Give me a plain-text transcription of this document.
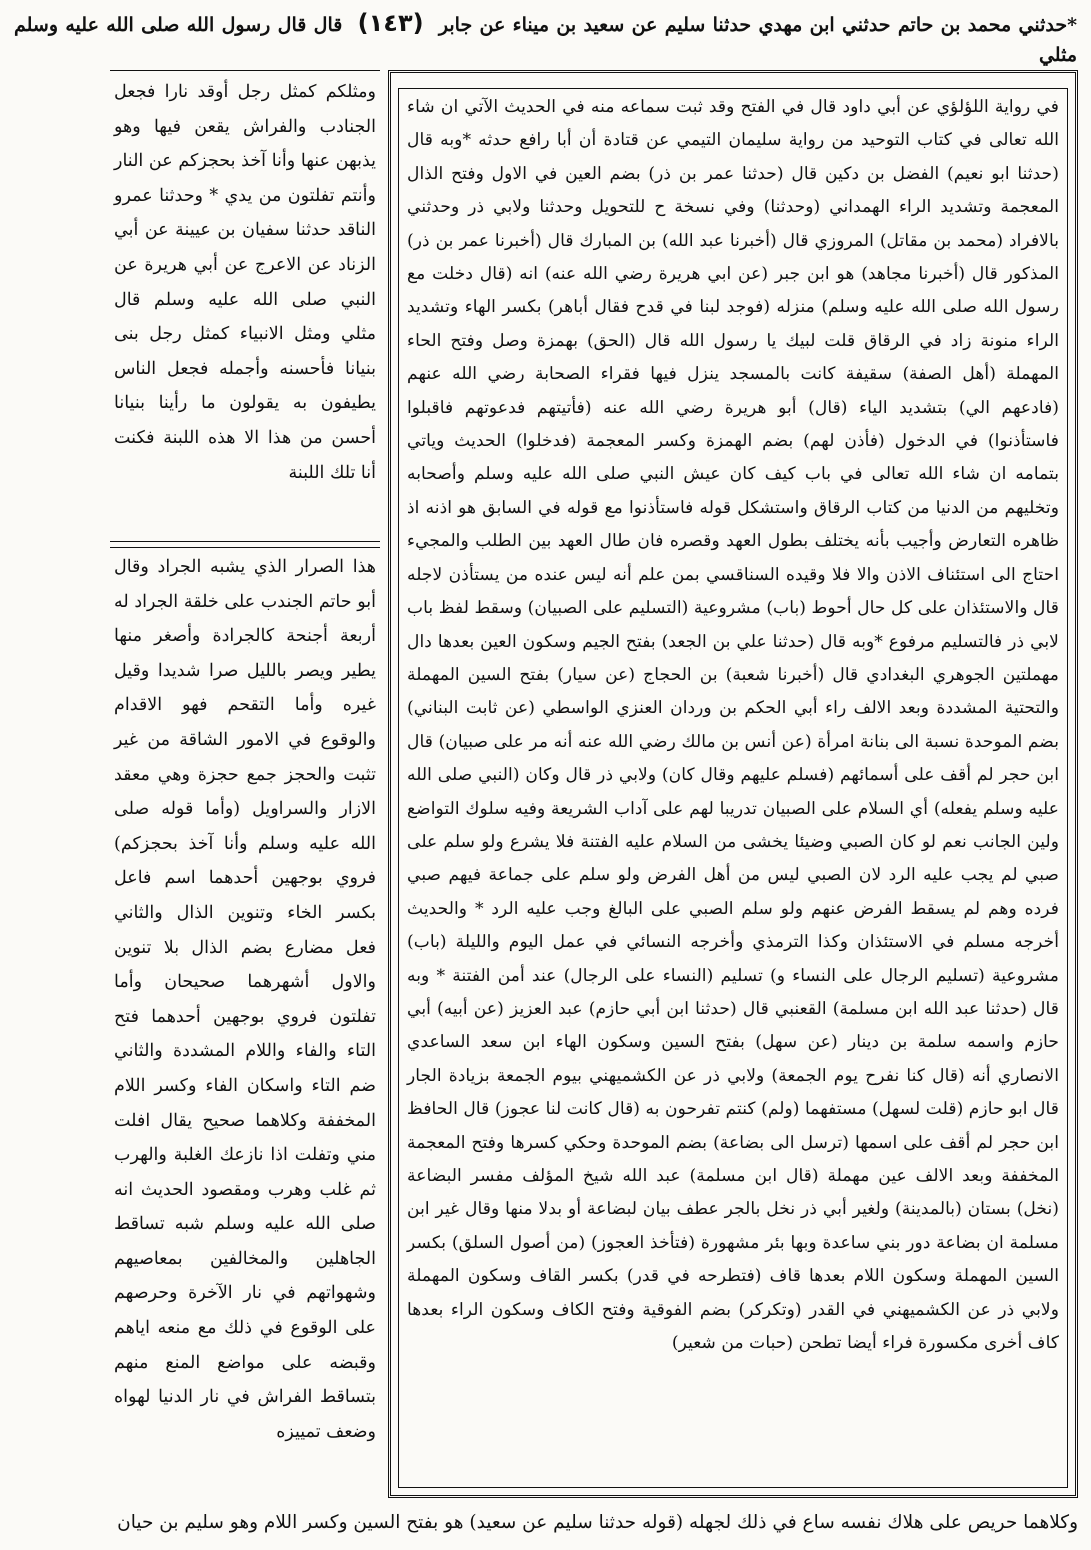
*حدثني محمد بن حاتم حدثني ابن مهدي حدثنا سليم عن سعيد بن ميناء عن جابر (١٤٣) قال قال رسول الله صلى الله عليه وسلم مثلي
ومثلكم كمثل رجل أوقد نارا فجعل الجنادب والفراش يقعن فيها وهو يذبهن عنها وأنا آخذ بحجزكم عن النار وأنتم تفلتون من يدي * وحدثنا عمرو الناقد حدثنا سفيان بن عيينة عن أبي الزناد عن الاعرج عن أبي هريرة عن النبي صلى الله عليه وسلم قال مثلي ومثل الانبياء كمثل رجل بنى بنيانا فأحسنه وأجمله فجعل الناس يطيفون به يقولون ما رأينا بنيانا أحسن من هذا الا هذه اللبنة فكنت أنا تلك اللبنة
هذا الصرار الذي يشبه الجراد وقال أبو حاتم الجندب على خلقة الجراد له أربعة أجنحة كالجرادة وأصغر منها يطير ويصر بالليل صرا شديدا وقيل غيره وأما التقحم فهو الاقدام والوقوع في الامور الشاقة من غير تثبت والحجز جمع حجزة وهي معقد الازار والسراويل (وأما قوله صلى الله عليه وسلم وأنا آخذ بحجزكم) فروي بوجهين أحدهما اسم فاعل بكسر الخاء وتنوين الذال والثاني فعل مضارع بضم الذال بلا تنوين والاول أشهرهما صحيحان وأما تفلتون فروي بوجهين أحدهما فتح التاء والفاء واللام المشددة والثاني ضم التاء واسكان الفاء وكسر اللام المخففة وكلاهما صحيح يقال افلت مني وتفلت اذا نازعك الغلبة والهرب ثم غلب وهرب ومقصود الحديث انه صلى الله عليه وسلم شبه تساقط الجاهلين والمخالفين بمعاصيهم وشهواتهم في نار الآخرة وحرصهم على الوقوع في ذلك مع منعه اياهم وقبضه على مواضع المنع منهم بتساقط الفراش في نار الدنيا لهواه وضعف تمييزه
في رواية اللؤلؤي عن أبي داود قال في الفتح وقد ثبت سماعه منه في الحديث الآتي ان شاء الله تعالى في كتاب التوحيد من رواية سليمان التيمي عن قتادة أن أبا رافع حدثه *وبه قال (حدثنا ابو نعيم) الفضل بن دكين قال (حدثنا عمر بن ذر) بضم العين في الاول وفتح الذال المعجمة وتشديد الراء الهمداني (وحدثنا) وفي نسخة ح للتحويل وحدثنا ولابي ذر وحدثني بالافراد (محمد بن مقاتل) المروزي قال (أخبرنا عبد الله) بن المبارك قال (أخبرنا عمر بن ذر) المذكور قال (أخبرنا مجاهد) هو ابن جبر (عن ابي هريرة رضي الله عنه) انه (قال دخلت مع رسول الله صلى الله عليه وسلم) منزله (فوجد لبنا في قدح فقال أباهر) بكسر الهاء وتشديد الراء منونة زاد في الرقاق قلت لبيك يا رسول الله قال (الحق) بهمزة وصل وفتح الحاء المهملة (أهل الصفة) سقيفة كانت بالمسجد ينزل فيها فقراء الصحابة رضي الله عنهم (فادعهم الي) بتشديد الياء (قال) أبو هريرة رضي الله عنه (فأتيتهم فدعوتهم فاقبلوا فاستأذنوا) في الدخول (فأذن لهم) بضم الهمزة وكسر المعجمة (فدخلوا) الحديث وياتي بتمامه ان شاء الله تعالى في باب كيف كان عيش النبي صلى الله عليه وسلم وأصحابه وتخليهم من الدنيا من كتاب الرقاق واستشكل قوله فاستأذنوا مع قوله في السابق هو اذنه اذ ظاهره التعارض وأجيب بأنه يختلف بطول العهد وقصره فان طال العهد بين الطلب والمجيء احتاج الى استئناف الاذن والا فلا وقيده السناقسي بمن علم أنه ليس عنده من يستأذن لاجله قال والاستئذان على كل حال أحوط (باب) مشروعية (التسليم على الصبيان) وسقط لفظ باب لابي ذر فالتسليم مرفوع *وبه قال (حدثنا علي بن الجعد) بفتح الجيم وسكون العين بعدها دال مهملتين الجوهري البغدادي قال (أخبرنا شعبة) بن الحجاج (عن سيار) بفتح السين المهملة والتحتية المشددة وبعد الالف راء أبي الحكم بن وردان العنزي الواسطي (عن ثابت البناني) بضم الموحدة نسبة الى بنانة امرأة (عن أنس بن مالك رضي الله عنه أنه مر على صبيان) قال ابن حجر لم أقف على أسمائهم (فسلم عليهم وقال كان) ولابي ذر قال وكان (النبي صلى الله عليه وسلم يفعله) أي السلام على الصبيان تدريبا لهم على آداب الشريعة وفيه سلوك التواضع ولين الجانب نعم لو كان الصبي وضيئا يخشى من السلام عليه الفتنة فلا يشرع ولو سلم على صبي لم يجب عليه الرد لان الصبي ليس من أهل الفرض ولو سلم على جماعة فيهم صبي فرده وهم لم يسقط الفرض عنهم ولو سلم الصبي على البالغ وجب عليه الرد * والحديث أخرجه مسلم في الاستئذان وكذا الترمذي وأخرجه النسائي في عمل اليوم والليلة (باب) مشروعية (تسليم الرجال على النساء و) تسليم (النساء على الرجال) عند أمن الفتنة * وبه قال (حدثنا عبد الله ابن مسلمة) القعنبي قال (حدثنا ابن أبي حازم) عبد العزيز (عن أبيه) أبي حازم واسمه سلمة بن دينار (عن سهل) بفتح السين وسكون الهاء ابن سعد الساعدي الانصاري أنه (قال كنا نفرح يوم الجمعة) ولابي ذر عن الكشميهني بيوم الجمعة بزيادة الجار قال ابو حازم (قلت لسهل) مستفهما (ولم) كنتم تفرحون به (قال كانت لنا عجوز) قال الحافظ ابن حجر لم أقف على اسمها (ترسل الى بضاعة) بضم الموحدة وحكي كسرها وفتح المعجمة المخففة وبعد الالف عين مهملة (قال ابن مسلمة) عبد الله شيخ المؤلف مفسر البضاعة (نخل) بستان (بالمدينة) ولغير أبي ذر نخل بالجر عطف بيان لبضاعة أو بدلا منها وقال غير ابن مسلمة ان بضاعة دور بني ساعدة وبها بئر مشهورة (فتأخذ العجوز) (من أصول السلق) بكسر السين المهملة وسكون اللام بعدها قاف (فتطرحه في قدر) بكسر القاف وسكون المهملة ولابي ذر عن الكشميهني في القدر (وتكركر) بضم الفوقية وفتح الكاف وسكون الراء بعدها كاف أخرى مكسورة فراء أيضا تطحن (حبات من شعير)
وكلاهما حريص على هلاك نفسه ساع في ذلك لجهله (قوله حدثنا سليم عن سعيد) هو بفتح السين وكسر اللام وهو سليم بن حيان
